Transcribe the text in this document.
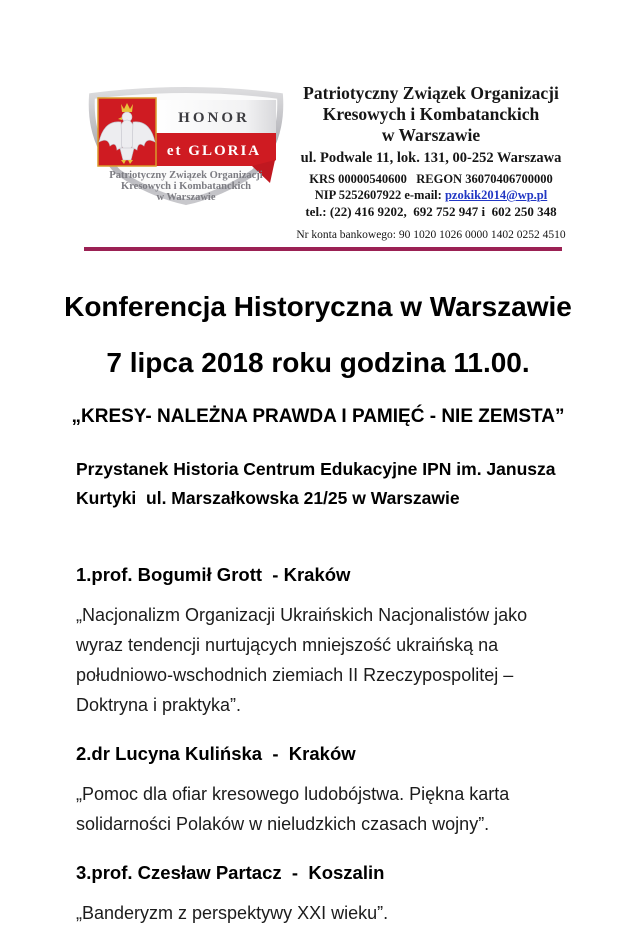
HONOR
et GLORIA
Patriotyczny Związek Organizacji
Kresowych i Kombatanckich
w Warszawie
Patriotyczny Związek Organizacji
Kresowych i Kombatanckich
w Warszawie
ul. Podwale 11, lok. 131, 00-252 Warszawa
KRS 00000540600   REGON 36070406700000
NIP 5252607922 e-mail: pzokik2014@wp.pl
tel.: (22) 416 9202,  692 752 947 i  602 250 348
Nr konta bankowego: 90 1020 1026 0000 1402 0252 4510
Konferencja Historyczna w Warszawie
7 lipca 2018 roku godzina 11.00.
„KRESY- NALEŻNA PRAWDA I PAMIĘĆ - NIE ZEMSTA”
Przystanek Historia Centrum Edukacyjne IPN im. Janusza
Kurtyki  ul. Marszałkowska 21/25 w Warszawie
1.prof. Bogumił Grott  - Kraków
„Nacjonalizm Organizacji Ukraińskich Nacjonalistów jako wyraz tendencji nurtujących mniejszość ukraińską na południowo-wschodnich ziemiach II Rzeczypospolitej – Doktryna i praktyka”.
2.dr Lucyna Kulińska  -  Kraków
„Pomoc dla ofiar kresowego ludobójstwa. Piękna karta solidarności Polaków w nieludzkich czasach wojny”.
3.prof. Czesław Partacz  -  Koszalin
„Banderyzm z perspektywy XXI wieku”.
